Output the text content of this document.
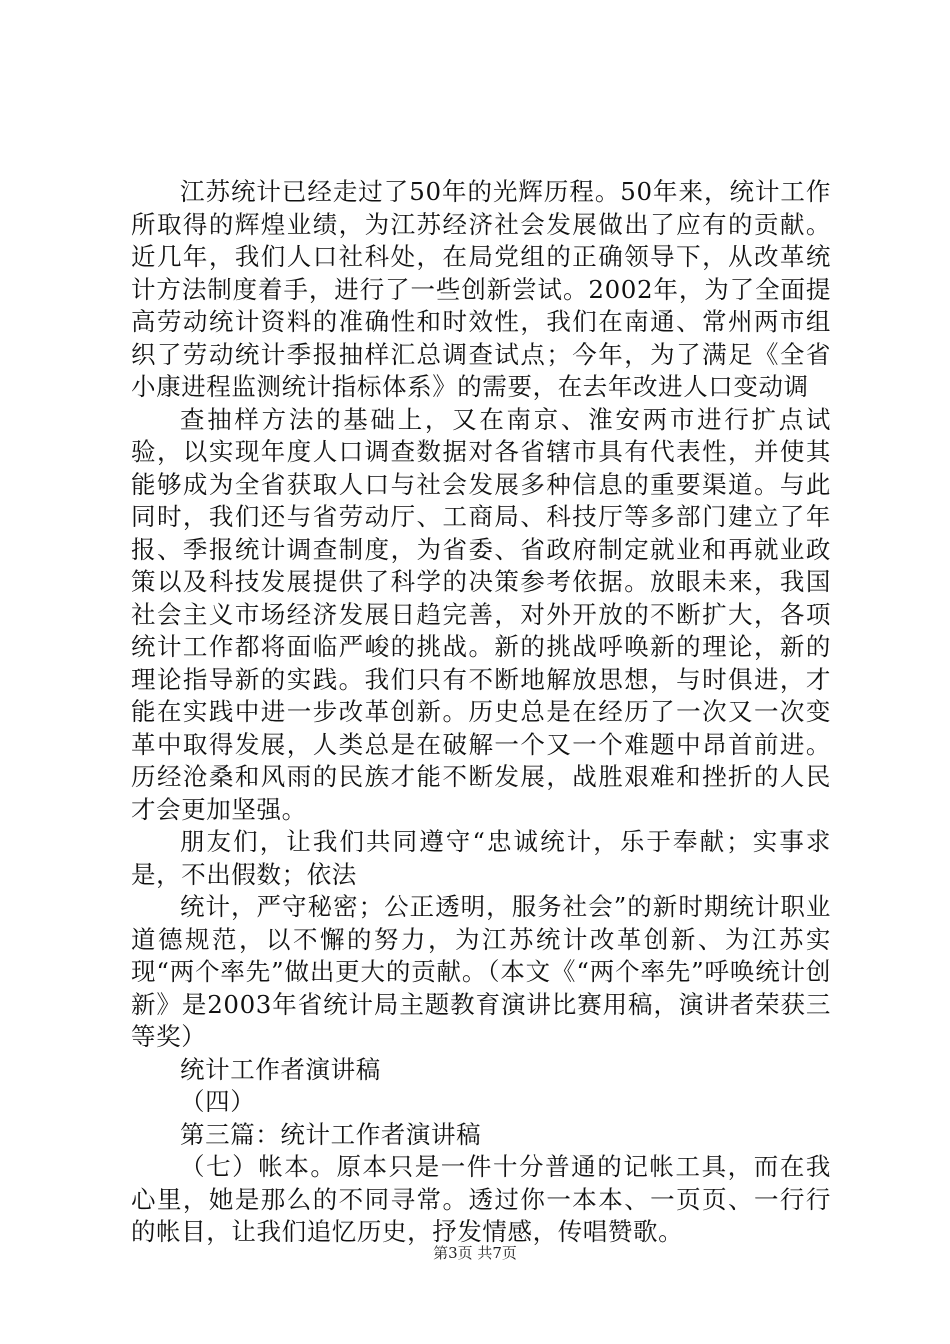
江苏统计已经走过了50年的光辉历程。50年来，统计工作所取得的辉煌业绩，为江苏经济社会发展做出了应有的贡献。近几年，我们人口社科处，在局党组的正确领导下，从改革统计方法制度着手，进行了一些创新尝试。2002年，为了全面提高劳动统计资料的准确性和时效性，我们在南通、常州两市组织了劳动统计季报抽样汇总调查试点；今年，为了满足《全省小康进程监测统计指标体系》的需要，在去年改进人口变动调

查抽样方法的基础上，又在南京、淮安两市进行扩点试验，以实现年度人口调查数据对各省辖市具有代表性，并使其能够成为全省获取人口与社会发展多种信息的重要渠道。与此同时，我们还与省劳动厅、工商局、科技厅等多部门建立了年报、季报统计调查制度，为省委、省政府制定就业和再就业政策以及科技发展提供了科学的决策参考依据。放眼未来，我国社会主义市场经济发展日趋完善，对外开放的不断扩大，各项统计工作都将面临严峻的挑战。新的挑战呼唤新的理论，新的理论指导新的实践。我们只有不断地解放思想，与时俱进，才能在实践中进一步改革创新。历史总是在经历了一次又一次变革中取得发展，人类总是在破解一个又一个难题中昂首前进。历经沧桑和风雨的民族才能不断发展，战胜艰难和挫折的人民才会更加坚强。

朋友们，让我们共同遵守“忠诚统计，乐于奉献；实事求是，不出假数；依法

统计，严守秘密；公正透明，服务社会”的新时期统计职业道德规范，以不懈的努力，为江苏统计改革创新、为江苏实现“两个率先”做出更大的贡献。（本文《“两个率先”呼唤统计创新》是2003年省统计局主题教育演讲比赛用稿，演讲者荣获三等奖）

统计工作者演讲稿

（四）

第三篇：统计工作者演讲稿

（七）帐本。原本只是一件十分普通的记帐工具，而在我心里，她是那么的不同寻常。透过你一本本、一页页、一行行的帐目，让我们追忆历史，抒发情感，传唱赞歌。

第3页 共7页
